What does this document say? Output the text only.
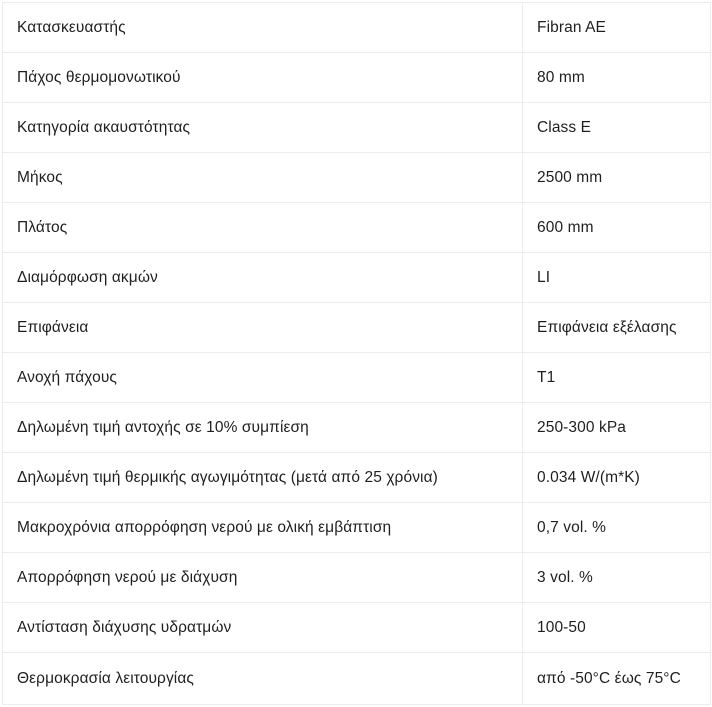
Κατασκευαστής	Fibran AE
Πάχος θερμομονωτικού	80 mm
Κατηγορία ακαυστότητας	Class E
Μήκος	2500 mm
Πλάτος	600 mm
Διαμόρφωση ακμών	LI
Επιφάνεια	Επιφάνεια εξέλασης
Ανοχή πάχους	T1
Δηλωμένη τιμή αντοχής σε 10% συμπίεση	250-300 kPa
Δηλωμένη τιμή θερμικής αγωγιμότητας (μετά από 25 χρόνια)	0.034 W/(m*K)
Μακροχρόνια απορρόφηση νερού με ολική εμβάπτιση	0,7 vol. %
Απορρόφηση νερού με διάχυση	3 vol. %
Αντίσταση διάχυσης υδρατμών	100-50
Θερμοκρασία λειτουργίας	από -50°C έως 75°C
